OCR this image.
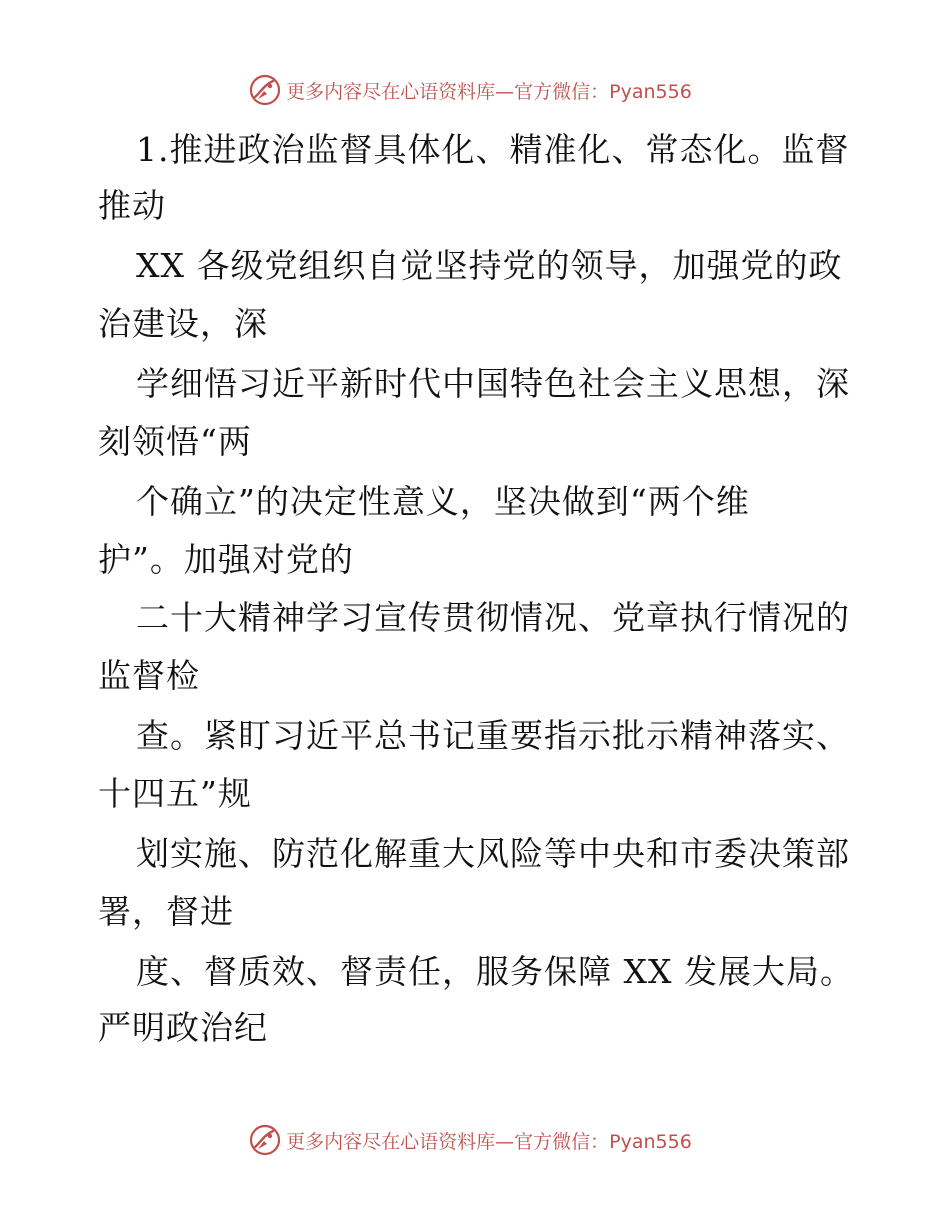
更多内容尽在心语资料库—官方微信：Pyan556
1.推进政治监督具体化、精准化、常态化。监督
推动
XX 各级党组织自觉坚持党的领导，加强党的政
治建设，深
学细悟习近平新时代中国特色社会主义思想，深
刻领悟“两
个确立”的决定性意义，坚决做到“两个维
护”。加强对党的
二十大精神学习宣传贯彻情况、党章执行情况的
监督检
查。紧盯习近平总书记重要指示批示精神落实、
十四五”规
划实施、防范化解重大风险等中央和市委决策部
署，督进
度、督质效、督责任，服务保障 XX 发展大局。
严明政治纪
更多内容尽在心语资料库—官方微信：Pyan556
